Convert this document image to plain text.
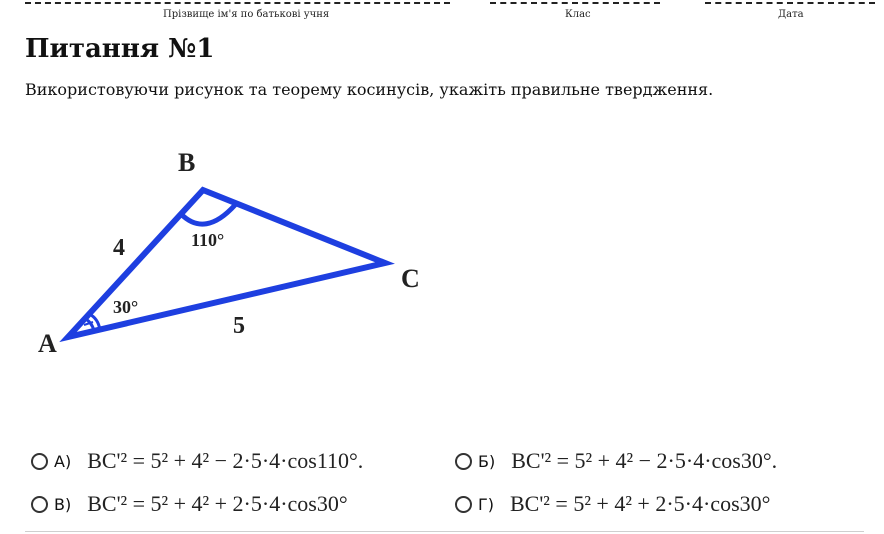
Прізвище ім'я по батькові учня	Клас	Дата
Питання №1

Використовуючи рисунок та теорему косинусів, укажіть правильне твердження.

B
C
A
4
5
110°
30°
А) BC'² = 5² + 4² − 2·5·4·cos110°.	Б) BC'² = 5² + 4² − 2·5·4·cos30°.
В) BC'² = 5² + 4² + 2·5·4·cos30°	Г) BC'² = 5² + 4² + 2·5·4·cos30°
